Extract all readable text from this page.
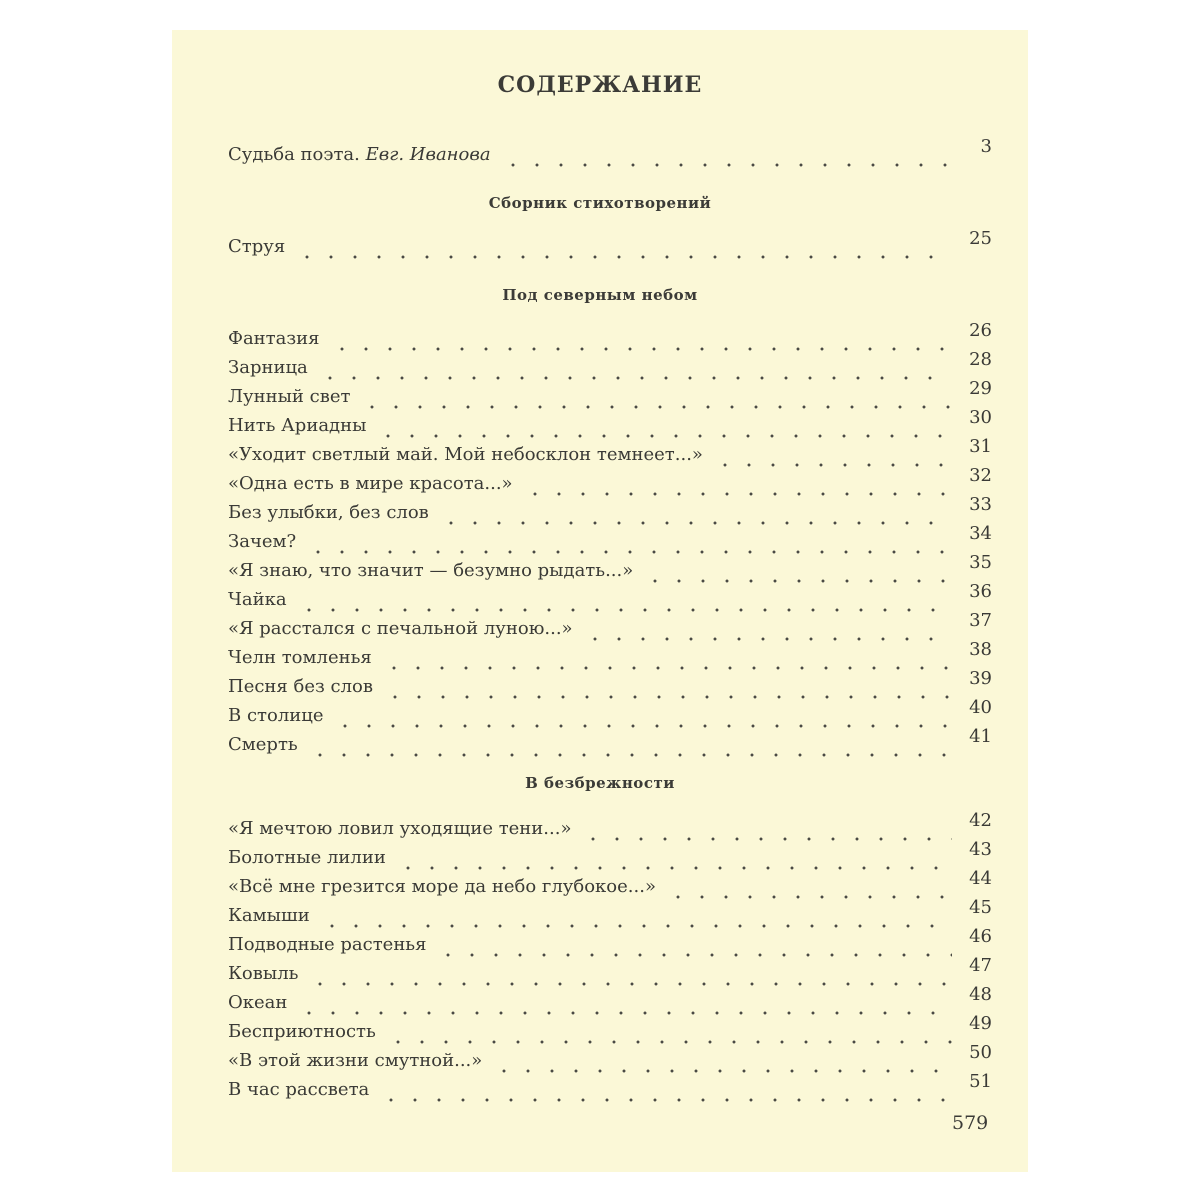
СОДЕРЖАНИЕ
Судьба поэта. Евг. Иванова	3
Сборник стихотворений
Струя	25
Под северным небом
Фантазия	26
Зарница	28
Лунный свет	29
Нить Ариадны	30
«Уходит светлый май. Мой небосклон темнеет...»	31
«Одна есть в мире красота...»	32
Без улыбки, без слов	33
Зачем?	34
«Я знаю, что значит — безумно рыдать...»	35
Чайка	36
«Я расстался с печальной луною...»	37
Челн томленья	38
Песня без слов	39
В столице	40
Смерть	41
В безбрежности
«Я мечтою ловил уходящие тени...»	42
Болотные лилии	43
«Всё мне грезится море да небо глубокое...»	44
Камыши	45
Подводные растенья	46
Ковыль	47
Океан	48
Бесприютность	49
«В этой жизни смутной...»	50
В час рассвета	51
579
